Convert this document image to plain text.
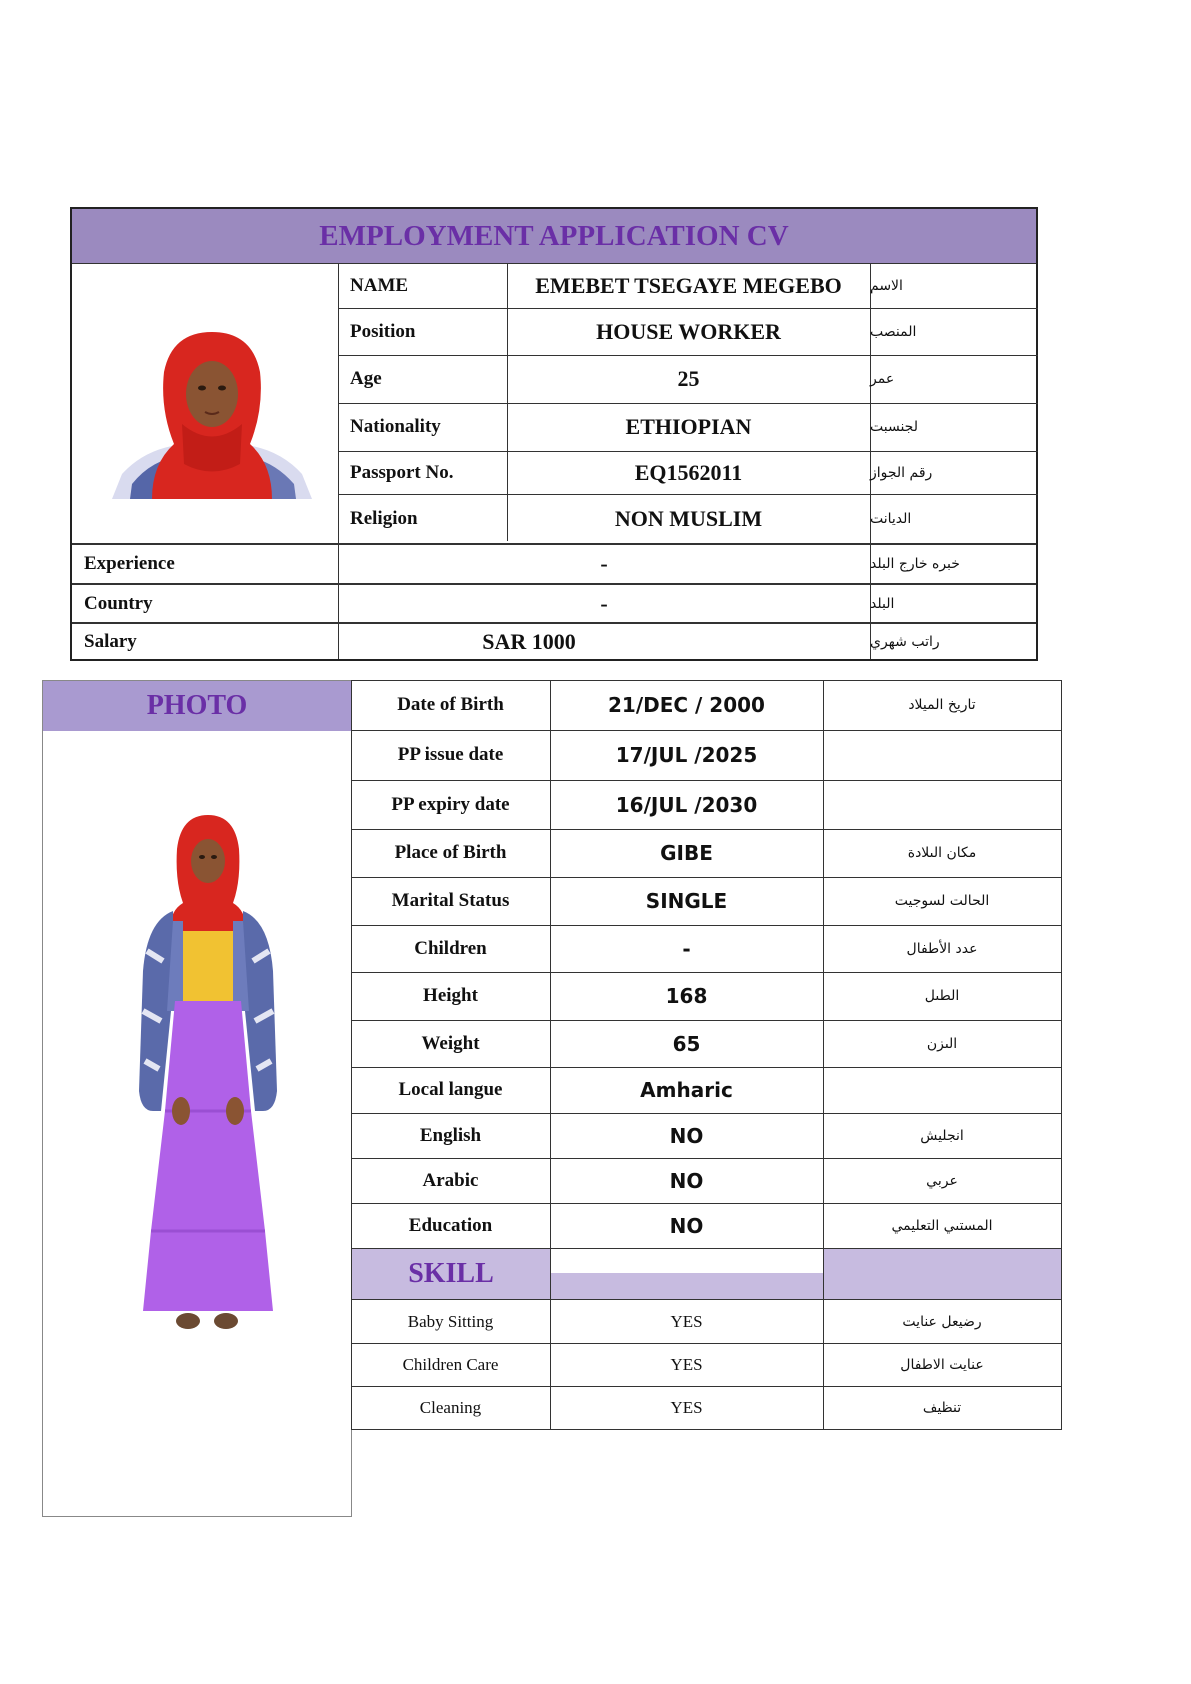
EMPLOYMENT APPLICATION CV
NAME	EMEBET TSEGAYE MEGEBO	الاسم
Position	HOUSE WORKER	المنصب
Age	25	عمر
Nationality	ETHIOPIAN	لجنسبت
Passport No.	EQ1562011	رقم الجواز
Religion	NON MUSLIM	الديانت
Experience	-	خبره خارج البلد
Country	-	البلد
Salary	SAR 1000	راتب شهري
PHOTO	Date of Birth	21/DEC / 2000	تاريخ الميلاد
PP issue date	17/JUL /2025
PP expiry date	16/JUL /2030
Place of Birth	GIBE	مكان الىلادة
Marital Status	SINGLE	الحالت لسوجيت
Children	-	عدد الأطفال
Height	168	الطىل
Weight	65	الىزن
Local langue	Amharic
English	NO	انجليش
Arabic	NO	عربي
Education	NO	المستىي التعليمي
SKILL
Baby Sitting	YES	رضيعل عنايت
Children Care	YES	عنايت الاطفال
Cleaning	YES	تنظيف
